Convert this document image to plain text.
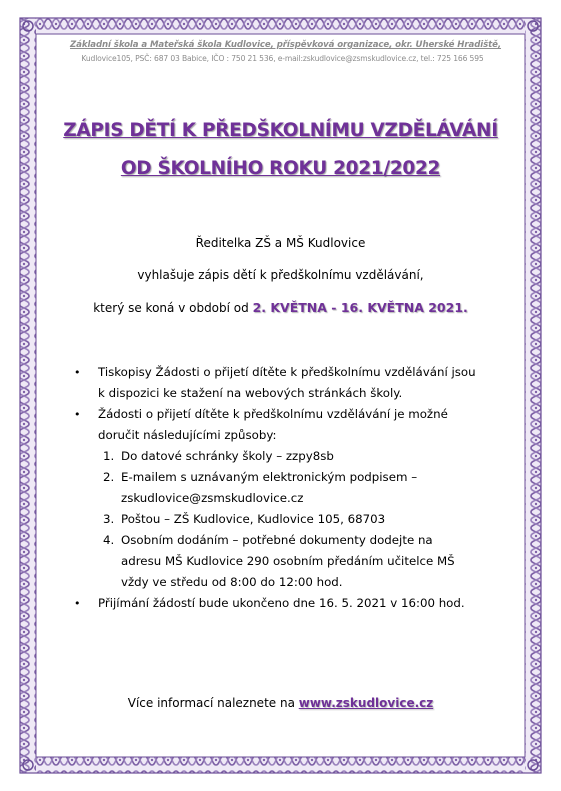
Základní škola a Mateřská škola Kudlovice, příspěvková organizace, okr. Uherské Hradiště,
Kudlovice105, PSČ: 687 03 Babice, IČO : 750 21 536, e-mail:zskudlovice@zsmskudlovice.cz, tel.: 725 166 595
ZÁPIS DĚTÍ K PŘEDŠKOLNÍMU VZDĚLÁVÁNÍ
OD ŠKOLNÍHO ROKU 2021/2022
Ředitelka ZŠ a MŠ Kudlovice
vyhlašuje zápis dětí k předškolnímu vzdělávání,
který se koná v období od 2. KVĚTNA - 16. KVĚTNA 2021.
• Tiskopisy Žádosti o přijetí dítěte k předškolnímu vzdělávání jsou
k dispozici ke stažení na webových stránkách školy.
• Žádosti o přijetí dítěte k předškolnímu vzdělávání je možné
doručit následujícími způsoby:
1. Do datové schránky školy – zzpy8sb
2. E-mailem s uznávaným elektronickým podpisem –
zskudlovice@zsmskudlovice.cz
3. Poštou – ZŠ Kudlovice, Kudlovice 105, 68703
4. Osobním dodáním – potřebné dokumenty dodejte na
adresu MŠ Kudlovice 290 osobním předáním učitelce MŠ
vždy ve středu od 8:00 do 12:00 hod.
• Přijímání žádostí bude ukončeno dne 16. 5. 2021 v 16:00 hod.
Více informací naleznete na www.zskudlovice.cz
